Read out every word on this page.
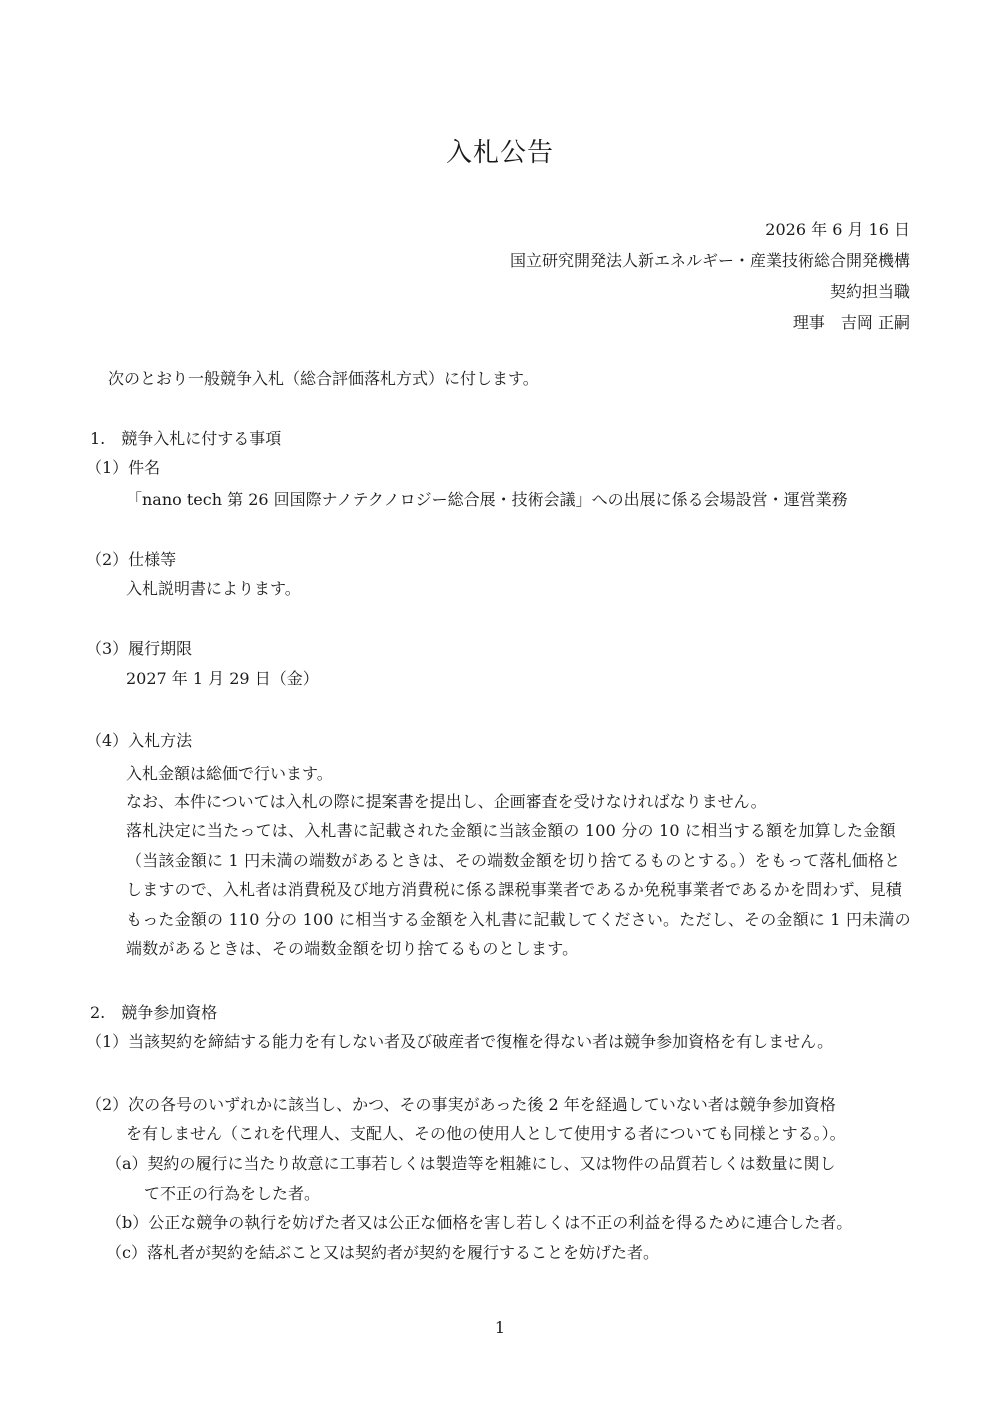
入札公告
2026 年 6 月 16 日
国立研究開発法人新エネルギー・産業技術総合開発機構
契約担当職
理事　吉岡 正嗣
次のとおり一般競争入札（総合評価落札方式）に付します。
1.　競争入札に付する事項
（1）件名
「nano tech 第 26 回国際ナノテクノロジー総合展・技術会議」への出展に係る会場設営・運営業務
（2）仕様等
入札説明書によります。
（3）履行期限
2027 年 1 月 29 日（金）
（4）入札方法
入札金額は総価で行います。
なお、本件については入札の際に提案書を提出し、企画審査を受けなければなりません。
落札決定に当たっては、入札書に記載された金額に当該金額の 100 分の 10 に相当する額を加算した金額（当該金額に 1 円未満の端数があるときは、その端数金額を切り捨てるものとする。）をもって落札価格としますので、入札者は消費税及び地方消費税に係る課税事業者であるか免税事業者であるかを問わず、見積もった金額の 110 分の 100 に相当する金額を入札書に記載してください。ただし、その金額に 1 円未満の端数があるときは、その端数金額を切り捨てるものとします。
2.　競争参加資格
（1）当該契約を締結する能力を有しない者及び破産者で復権を得ない者は競争参加資格を有しません。
（2）次の各号のいずれかに該当し、かつ、その事実があった後 2 年を経過していない者は競争参加資格
を有しません（これを代理人、支配人、その他の使用人として使用する者についても同様とする。）。
（a）契約の履行に当たり故意に工事若しくは製造等を粗雑にし、又は物件の品質若しくは数量に関し
て不正の行為をした者。
（b）公正な競争の執行を妨げた者又は公正な価格を害し若しくは不正の利益を得るために連合した者。
（c）落札者が契約を結ぶこと又は契約者が契約を履行することを妨げた者。
1
